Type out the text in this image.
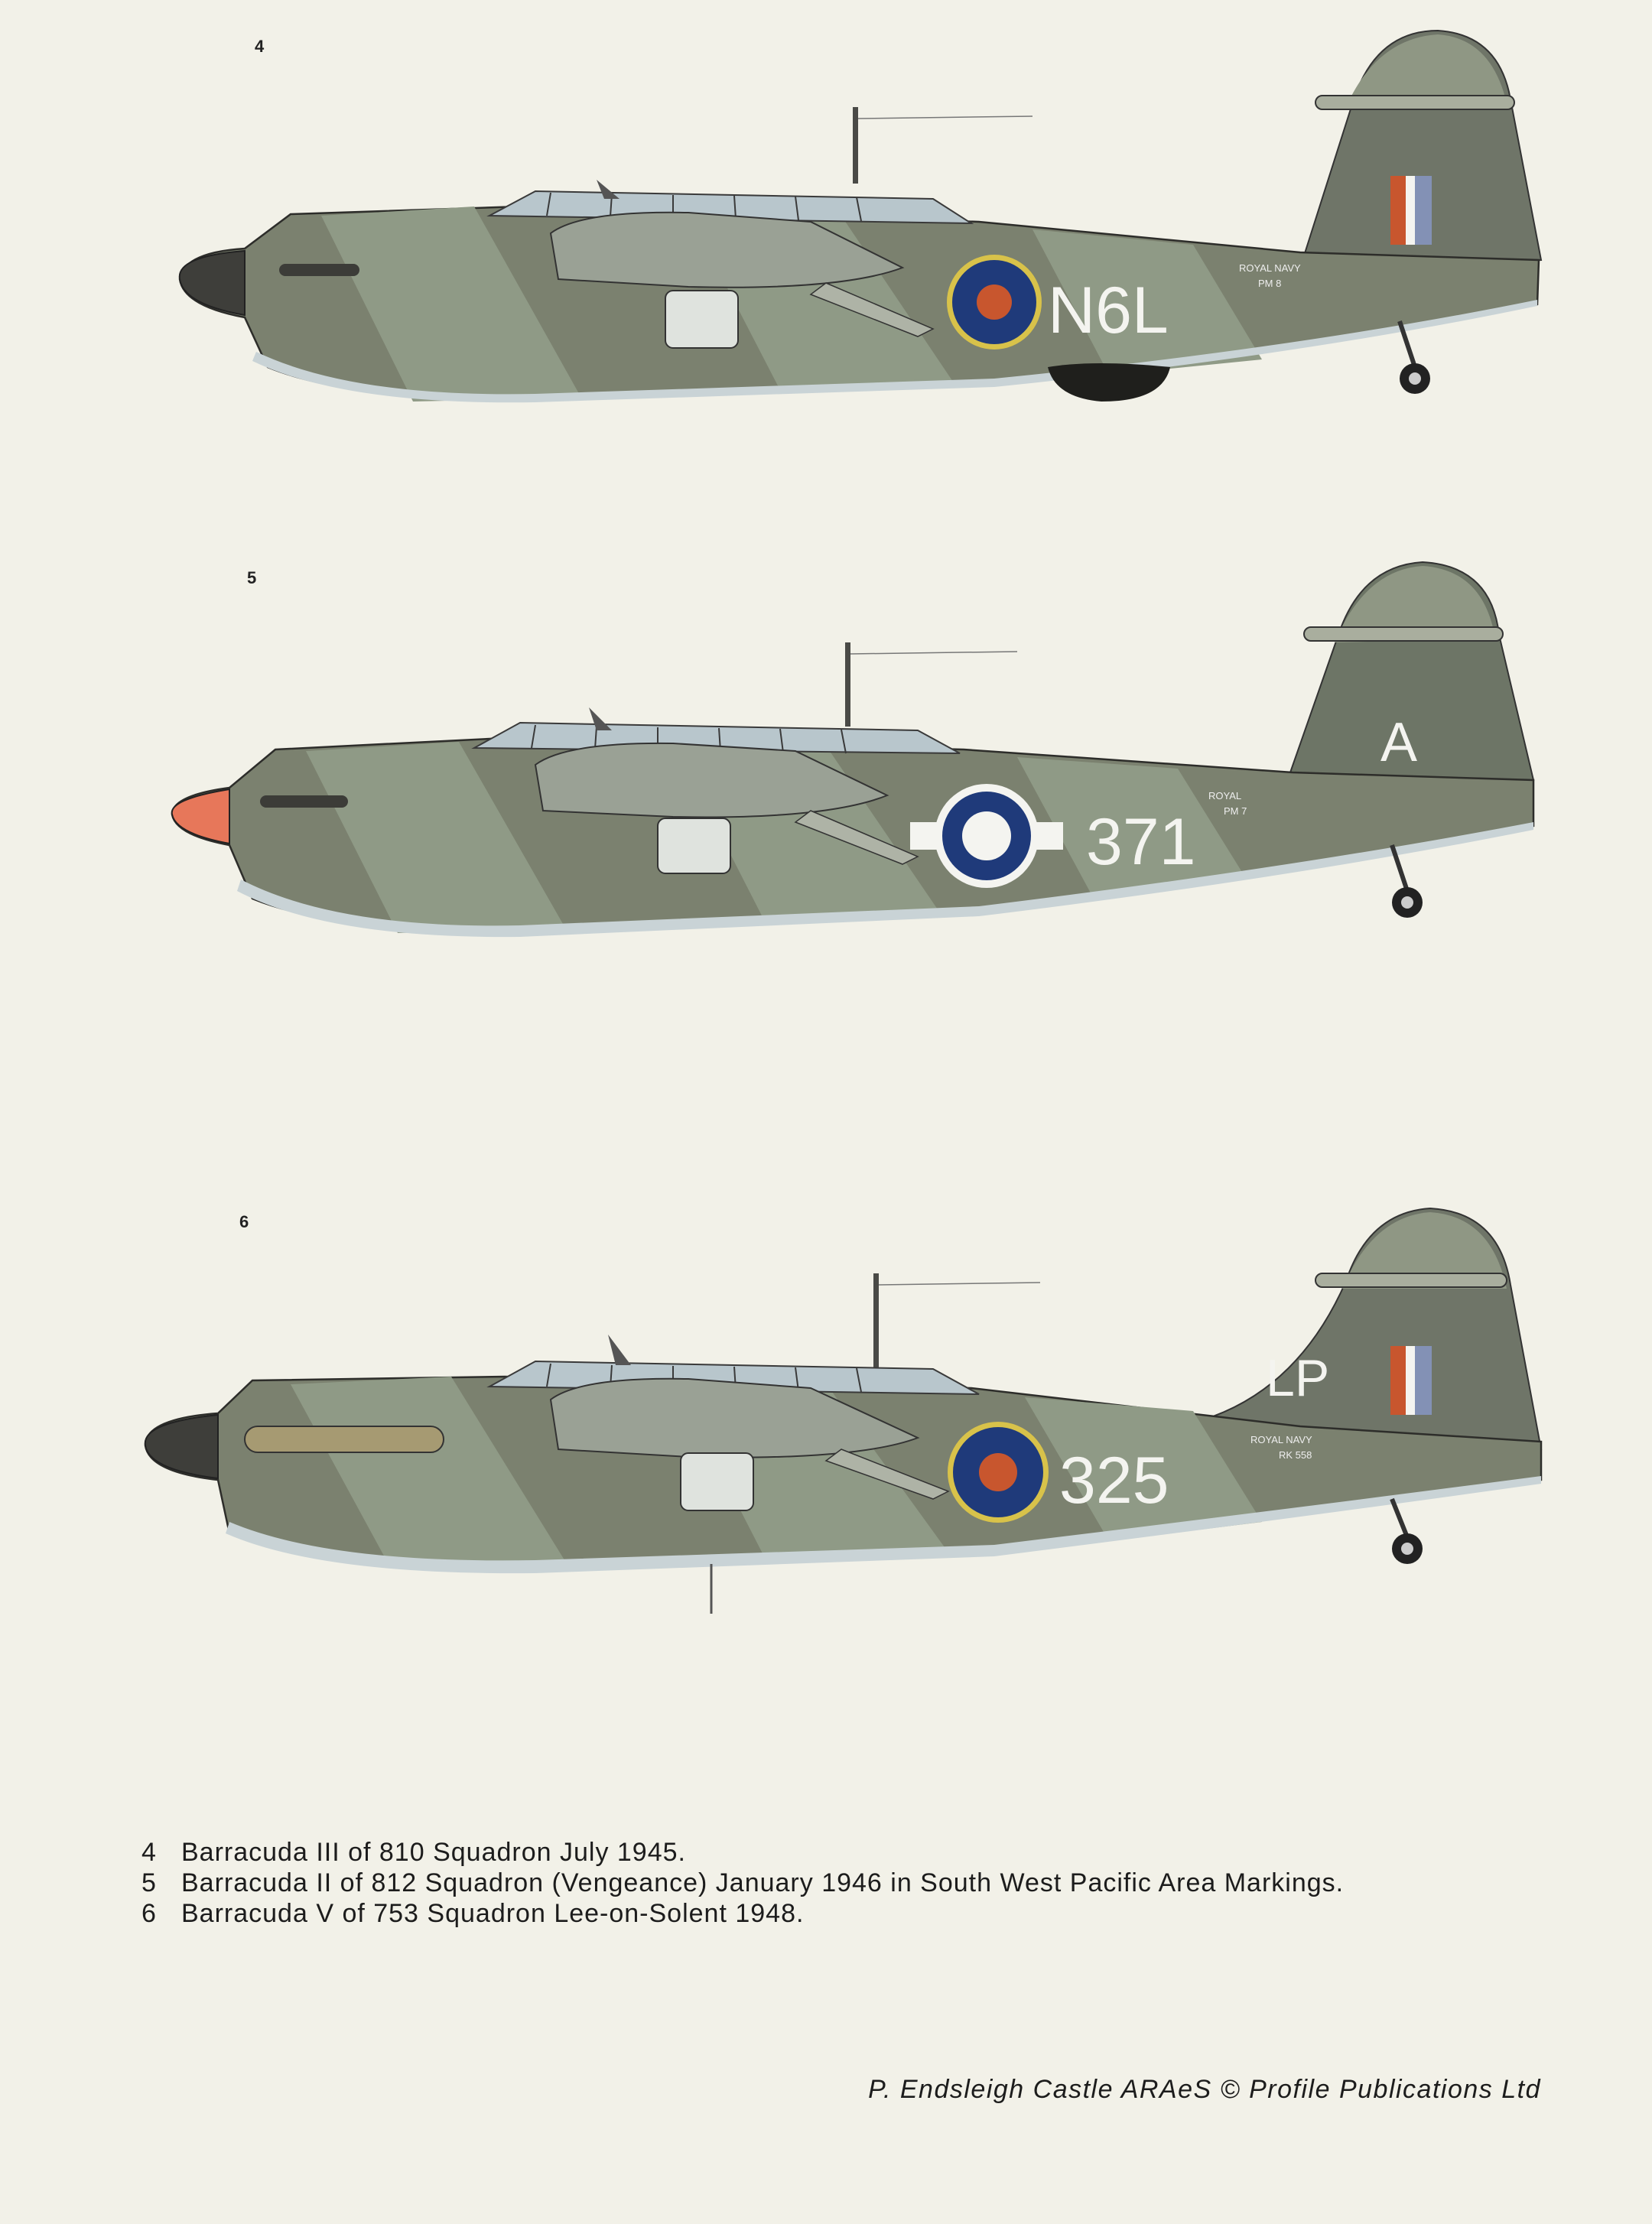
4
N6L
ROYAL NAVY
PM 8
5
A
371
ROYAL
PM 7
6
LP
325
ROYAL NAVY
RK 558
4 Barracuda III of 810 Squadron July 1945.
5 Barracuda II of 812 Squadron (Vengeance) January 1946 in South West Pacific Area Markings.
6 Barracuda V of 753 Squadron Lee-on-Solent 1948.
P. Endsleigh Castle ARAeS © Profile Publications Ltd
